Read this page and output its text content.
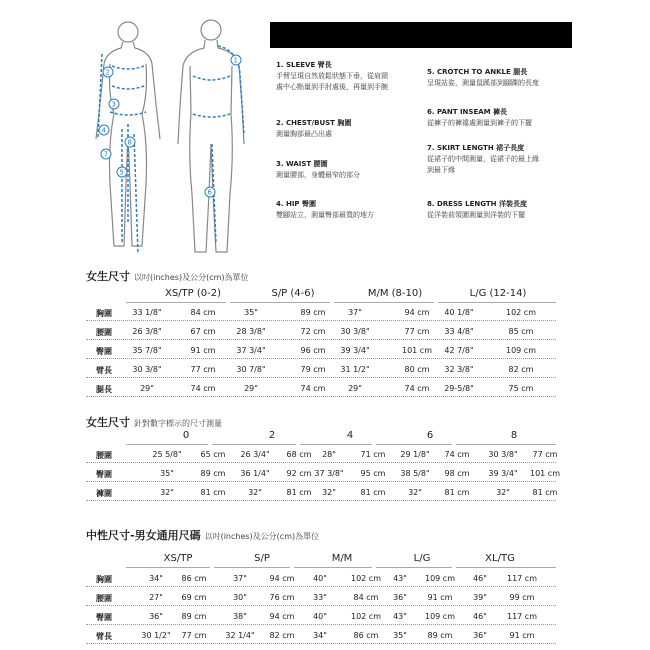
2
3
4
8
7
5
1
6
1. SLEEVE 臂長
手臂呈現自然放鬆狀態下垂，從肩頸
處中心點量到手肘處後，再量到手腕
2. CHEST/BUST 胸圍
測量胸部最凸出處
3. WAIST 腰圍
測量腰部，身體最窄的部分
4. HIP 臀圍
雙腳站立，測量臀部最寬的地方
5. CROTCH TO ANKLE 腿長
呈現站姿，測量鼠蹊部到腳踝的長度
6. PANT INSEAM 褲長
從褲子的褲襠處測量到褲子的下擺
7. SKIRT LENGTH 裙子長度
從裙子的中間測量，從裙子的最上緣
到最下緣
8. DRESS LENGTH 洋裝長度
從洋裝前領圍測量到洋裝的下擺
女生尺寸 以吋(inches)及公分(cm)為單位
女生尺寸 針對數字標示的尺寸測量
中性尺寸-男女通用尺碼 以吋(inches)及公分(cm)為單位
XS/TP (0-2)	S/P (4-6)	M/M (8-10)	L/G (12-14)
胸圍	33 1/8"	84 cm	35"	89 cm	37"	94 cm	40 1/8"	102 cm
腰圍	26 3/8"	67 cm	28 3/8"	72 cm	30 3/8"	77 cm	33 4/8"	85 cm
臀圍	35 7/8"	91 cm	37 3/4"	96 cm	39 3/4"	101 cm	42 7/8"	109 cm
臂長	30 3/8"	77 cm	30 7/8"	79 cm	31 1/2"	80 cm	32 3/8"	82 cm
腿長	29"	74 cm	29"	74 cm	29"	74 cm	29-5/8"	75 cm
0	2	4	6	8
腰圍	25 5/8"	65 cm	26 3/4"	68 cm	28"	71 cm	29 1/8"	74 cm	30 3/8"	77 cm
臀圍	35"	89 cm	36 1/4"	92 cm 37 3/8"	95 cm	38 5/8"	98 cm	39 3/4"	101 cm
褲圍	32"	81 cm	32"	81 cm	32"	81 cm	32"	81 cm	32"	81 cm
XS/TP	S/P	M/M	L/G	XL/TG
胸圍	34"	86 cm	37"	94 cm	40"	102 cm	43"	109 cm	46"	117 cm
腰圍	27"	69 cm	30"	76 cm	33"	84 cm	36"	91 cm	39"	99 cm
臀圍	36"	89 cm	38"	94 cm	40"	102 cm	43"	109 cm	46"	117 cm
臂長	30 1/2"	77 cm	32 1/4"	82 cm	34"	86 cm	35"	89 cm	36"	91 cm
